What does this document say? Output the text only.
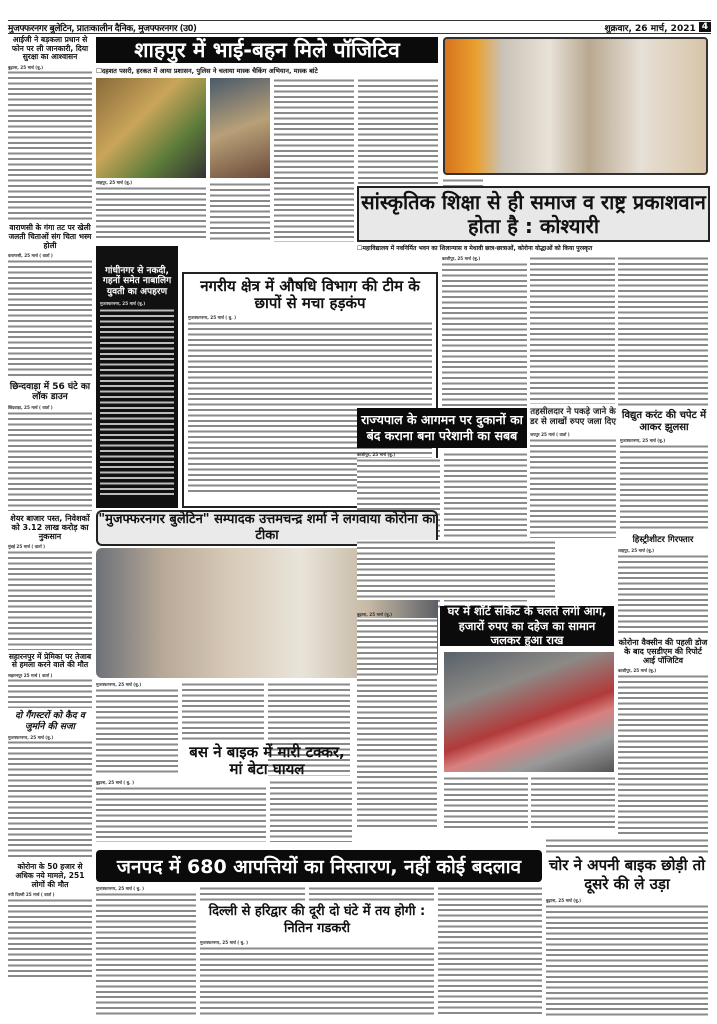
मुजफ्फरनगर बुलेटिन, प्रातःकालीन दैनिक, मुजफ्फरनगर (उ0)	शुक्रवार, 26 मार्च, 2021 4
आईजी ने बड़कला प्रधान से फोन पर ली जानकारी, दिया सुरक्षा का आश्वासन
बुढ़ाना, 25 मार्च (बु.)
वाराणसी के गंगा तट पर खेली जलती चिताओं संग चिता भस्म होली
वाराणसी, 25 मार्च ( वार्ता )
छिन्दवाड़ा में 56 घंटे का लॉक डाउन
छिंदवाड़ा, 25 मार्च ( वार्ता )
शेयर बाजार पस्त, निवेशकों को 3.12 लाख करोड़ का नुकसान
मुंबई 25 मार्च ( वार्ता )
सहारनपुर में प्रेमिका पर तेजाब से हमला करने वाले की मौत
सहारनपुर 25 मार्च ( वार्ता )
दो गैंगस्टरों को कैद व जुर्माने की सजा
मुजफ्फरनगर, 25 मार्च (बु.)
कोरोना के 50 हजार से अधिक नये मामले, 251 लोगों की मौत
नयी दिल्ली 25 मार्च ( वार्ता )
शाहपुर में भाई-बहन मिले पॉजिटिव
☐दहशत पसरी, हरकत में आया प्रशासन, पुलिस ने चलाया मास्क चैकिंग अभियान, मास्क बांटे
शाहपुर, 25 मार्च (बु.)
गांधीनगर से नकदी, गहनों समेत नाबालिग युवती का अपहरण
मुजफ्फरनगर, 25 मार्च (बु.)
नगरीय क्षेत्र में औषधि विभाग की टीम के छापों से मचा हड़कंप
मुजफ्फरनगर, 25 मार्च ( बु. )
सांस्कृतिक शिक्षा से ही समाज व राष्ट्र प्रकाशवान होता है : कोश्यारी
☐महाविद्यालय में नवनिर्मित भवन का शिलान्यास व मेधावी छात्र-छात्राओं, कोरोना योद्धाओं को किया पुरस्कृत
काशीपुर, 25 मार्च (बु.)
राज्यपाल के आगमन पर दुकानों का बंद कराना बना परेशानी का सबब
काशीपुर, 25 मार्च (बु.)
तहसीलदार ने पकड़े जाने के डर से लाखों रुपए जला दिए
जयपुर 25 मार्च ( वार्ता )
विद्युत करंट की चपेट में आकर झुलसा
मुजफ्फरनगर, 25 मार्च (बु.)
हिस्ट्रीशीटर गिरफ्तार
शाहपुर, 25 मार्च (बु.)
कोरोना वैक्सीन की पहली डोज के बाद एसडीएम की रिपोर्ट आई पॉजिटिव
काशीपुर, 25 मार्च (बु.)
"मुजफ्फरनगर बुलेटिन" सम्पादक उत्तमचन्द्र शर्मा ने लगवाया कोरोना का टीका
मुजफ्फरनगर, 25 मार्च (बु.)
घर में शॉर्ट सर्किट के चलते लगी आग, हजारों रुपए का दहेज का सामान जलकर हुआ राख
बुढ़ाना, 25 मार्च (बु.)
बस ने बाइक में मारी टक्कर, मां बेटा घायल
बुढ़ाना, 25 मार्च ( बु. )
जनपद में 680 आपत्तियों का निस्तारण, नहीं कोई बदलाव
मुजफ्फरनगर, 25 मार्च ( बु. )
दिल्ली से हरिद्वार की दूरी दो घंटे में तय होगी : नितिन गडकरी
मुजफ्फरनगर, 25 मार्च ( बु. )
चोर ने अपनी बाइक छोड़ी तो दूसरे की ले उड़ा
बुढ़ाना, 25 मार्च (बु.)
